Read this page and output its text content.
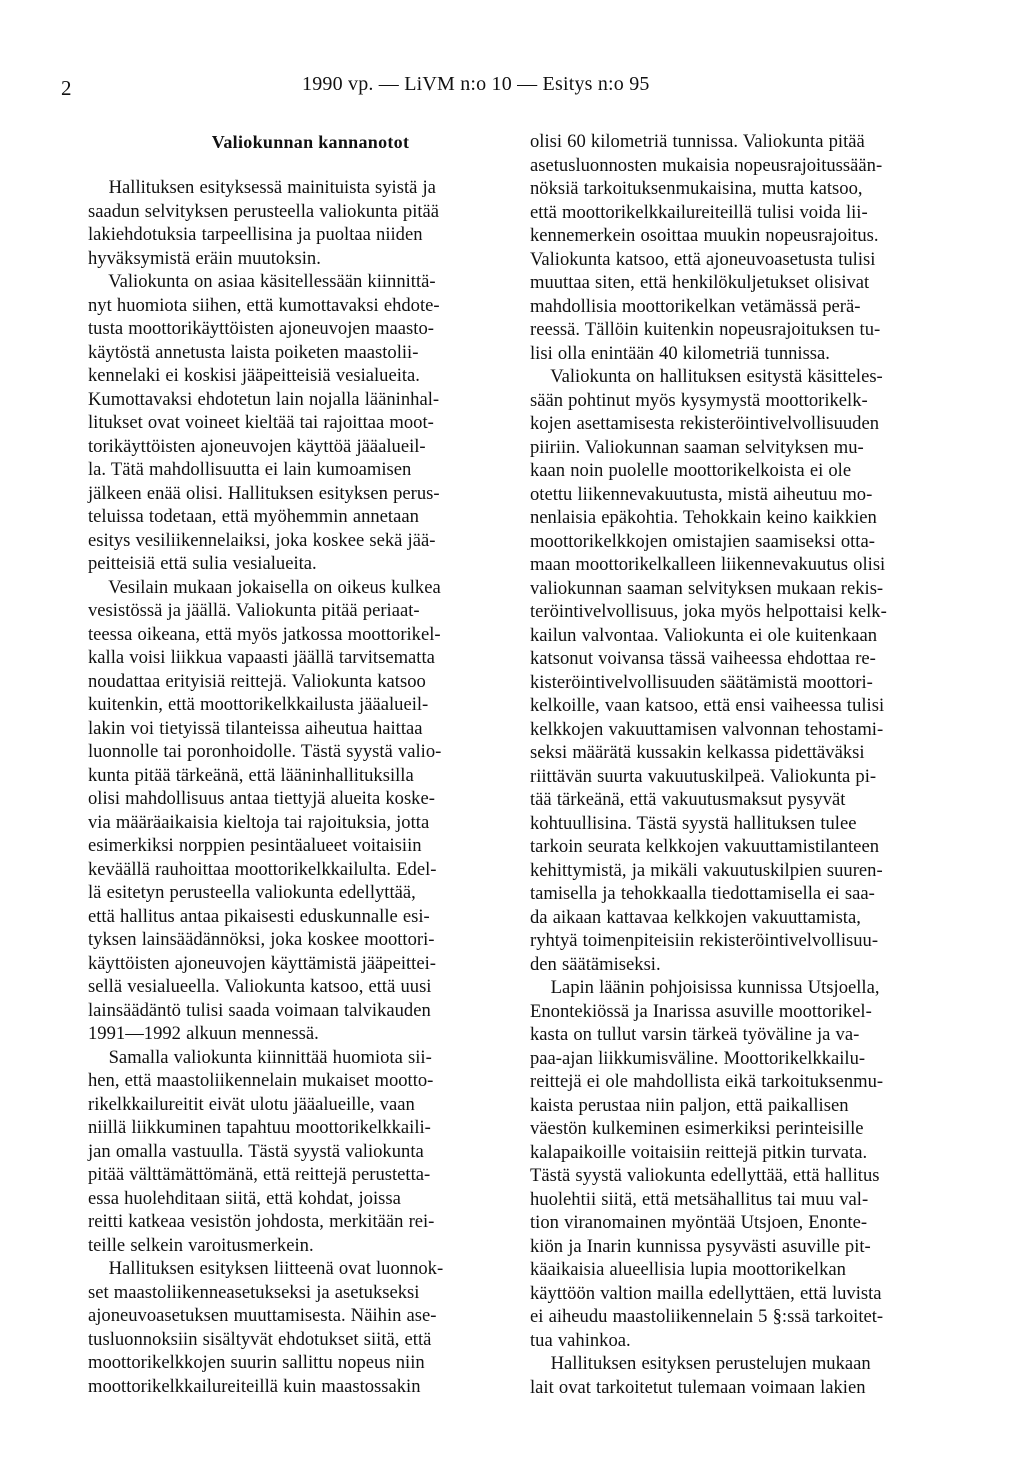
2	1990 vp. — LiVM n:o 10 — Esitys n:o 95
Valiokunnan kannanotot

Hallituksen esityksessä mainituista syistä ja
saadun selvityksen perusteella valiokunta pitää
lakiehdotuksia tarpeellisina ja puoltaa niiden
hyväksymistä eräin muutoksin.

Valiokunta on asiaa käsitellessään kiinnittä-
nyt huomiota siihen, että kumottavaksi ehdote-
tusta moottorikäyttöisten ajoneuvojen maasto-
käytöstä annetusta laista poiketen maastolii-
kennelaki ei koskisi jääpeitteisiä vesialueita.
Kumottavaksi ehdotetun lain nojalla lääninhal-
litukset ovat voineet kieltää tai rajoittaa moot-
torikäyttöisten ajoneuvojen käyttöä jääalueil-
la. Tätä mahdollisuutta ei lain kumoamisen
jälkeen enää olisi. Hallituksen esityksen perus-
teluissa todetaan, että myöhemmin annetaan
esitys vesiliikennelaiksi, joka koskee sekä jää-
peitteisiä että sulia vesialueita.

Vesilain mukaan jokaisella on oikeus kulkea
vesistössä ja jäällä. Valiokunta pitää periaat-
teessa oikeana, että myös jatkossa moottorikel-
kalla voisi liikkua vapaasti jäällä tarvitsematta
noudattaa erityisiä reittejä. Valiokunta katsoo
kuitenkin, että moottorikelkkailusta jääalueil-
lakin voi tietyissä tilanteissa aiheutua haittaa
luonnolle tai poronhoidolle. Tästä syystä valio-
kunta pitää tärkeänä, että lääninhallituksilla
olisi mahdollisuus antaa tiettyjä alueita koske-
via määräaikaisia kieltoja tai rajoituksia, jotta
esimerkiksi norppien pesintäalueet voitaisiin
keväällä rauhoittaa moottorikelkkailulta. Edel-
lä esitetyn perusteella valiokunta edellyttää,
että hallitus antaa pikaisesti eduskunnalle esi-
tyksen lainsäädännöksi, joka koskee moottori-
käyttöisten ajoneuvojen käyttämistä jääpeittei-
sellä vesialueella. Valiokunta katsoo, että uusi
lainsäädäntö tulisi saada voimaan talvikauden
1991—1992 alkuun mennessä.

Samalla valiokunta kiinnittää huomiota sii-
hen, että maastoliikennelain mukaiset mootto-
rikelkkailureitit eivät ulotu jääalueille, vaan
niillä liikkuminen tapahtuu moottorikelkkaili-
jan omalla vastuulla. Tästä syystä valiokunta
pitää välttämättömänä, että reittejä perustetta-
essa huolehditaan siitä, että kohdat, joissa
reitti katkeaa vesistön johdosta, merkitään rei-
teille selkein varoitusmerkein.

Hallituksen esityksen liitteenä ovat luonnok-
set maastoliikenneasetukseksi ja asetukseksi
ajoneuvoasetuksen muuttamisesta. Näihin ase-
tusluonnoksiin sisältyvät ehdotukset siitä, että
moottorikelkkojen suurin sallittu nopeus niin
moottorikelkkailureiteillä kuin maastossakin

olisi 60 kilometriä tunnissa. Valiokunta pitää
asetusluonnosten mukaisia nopeusrajoitussään-
nöksiä tarkoituksenmukaisina, mutta katsoo,
että moottorikelkkailureiteillä tulisi voida lii-
kennemerkein osoittaa muukin nopeusrajoitus.
Valiokunta katsoo, että ajoneuvoasetusta tulisi
muuttaa siten, että henkilökuljetukset olisivat
mahdollisia moottorikelkan vetämässä perä-
reessä. Tällöin kuitenkin nopeusrajoituksen tu-
lisi olla enintään 40 kilometriä tunnissa.

Valiokunta on hallituksen esitystä käsitteles-
sään pohtinut myös kysymystä moottorikelk-
kojen asettamisesta rekisteröintivelvollisuuden
piiriin. Valiokunnan saaman selvityksen mu-
kaan noin puolelle moottorikelkoista ei ole
otettu liikennevakuutusta, mistä aiheutuu mo-
nenlaisia epäkohtia. Tehokkain keino kaikkien
moottorikelkkojen omistajien saamiseksi otta-
maan moottorikelkalleen liikennevakuutus olisi
valiokunnan saaman selvityksen mukaan rekis-
teröintivelvollisuus, joka myös helpottaisi kelk-
kailun valvontaa. Valiokunta ei ole kuitenkaan
katsonut voivansa tässä vaiheessa ehdottaa re-
kisteröintivelvollisuuden säätämistä moottori-
kelkoille, vaan katsoo, että ensi vaiheessa tulisi
kelkkojen vakuuttamisen valvonnan tehostami-
seksi määrätä kussakin kelkassa pidettäväksi
riittävän suurta vakuutuskilpeä. Valiokunta pi-
tää tärkeänä, että vakuutusmaksut pysyvät
kohtuullisina. Tästä syystä hallituksen tulee
tarkoin seurata kelkkojen vakuuttamistilanteen
kehittymistä, ja mikäli vakuutuskilpien suuren-
tamisella ja tehokkaalla tiedottamisella ei saa-
da aikaan kattavaa kelkkojen vakuuttamista,
ryhtyä toimenpiteisiin rekisteröintivelvollisuu-
den säätämiseksi.

Lapin läänin pohjoisissa kunnissa Utsjoella,
Enontekiössä ja Inarissa asuville moottorikel-
kasta on tullut varsin tärkeä työväline ja va-
paa-ajan liikkumisväline. Moottorikelkkailu-
reittejä ei ole mahdollista eikä tarkoituksenmu-
kaista perustaa niin paljon, että paikallisen
väestön kulkeminen esimerkiksi perinteisille
kalapaikoille voitaisiin reittejä pitkin turvata.
Tästä syystä valiokunta edellyttää, että hallitus
huolehtii siitä, että metsähallitus tai muu val-
tion viranomainen myöntää Utsjoen, Enonte-
kiön ja Inarin kunnissa pysyvästi asuville pit-
käaikaisia alueellisia lupia moottorikelkan
käyttöön valtion mailla edellyttäen, että luvista
ei aiheudu maastoliikennelain 5 §:ssä tarkoitet-
tua vahinkoa.

Hallituksen esityksen perustelujen mukaan
lait ovat tarkoitetut tulemaan voimaan lakien
